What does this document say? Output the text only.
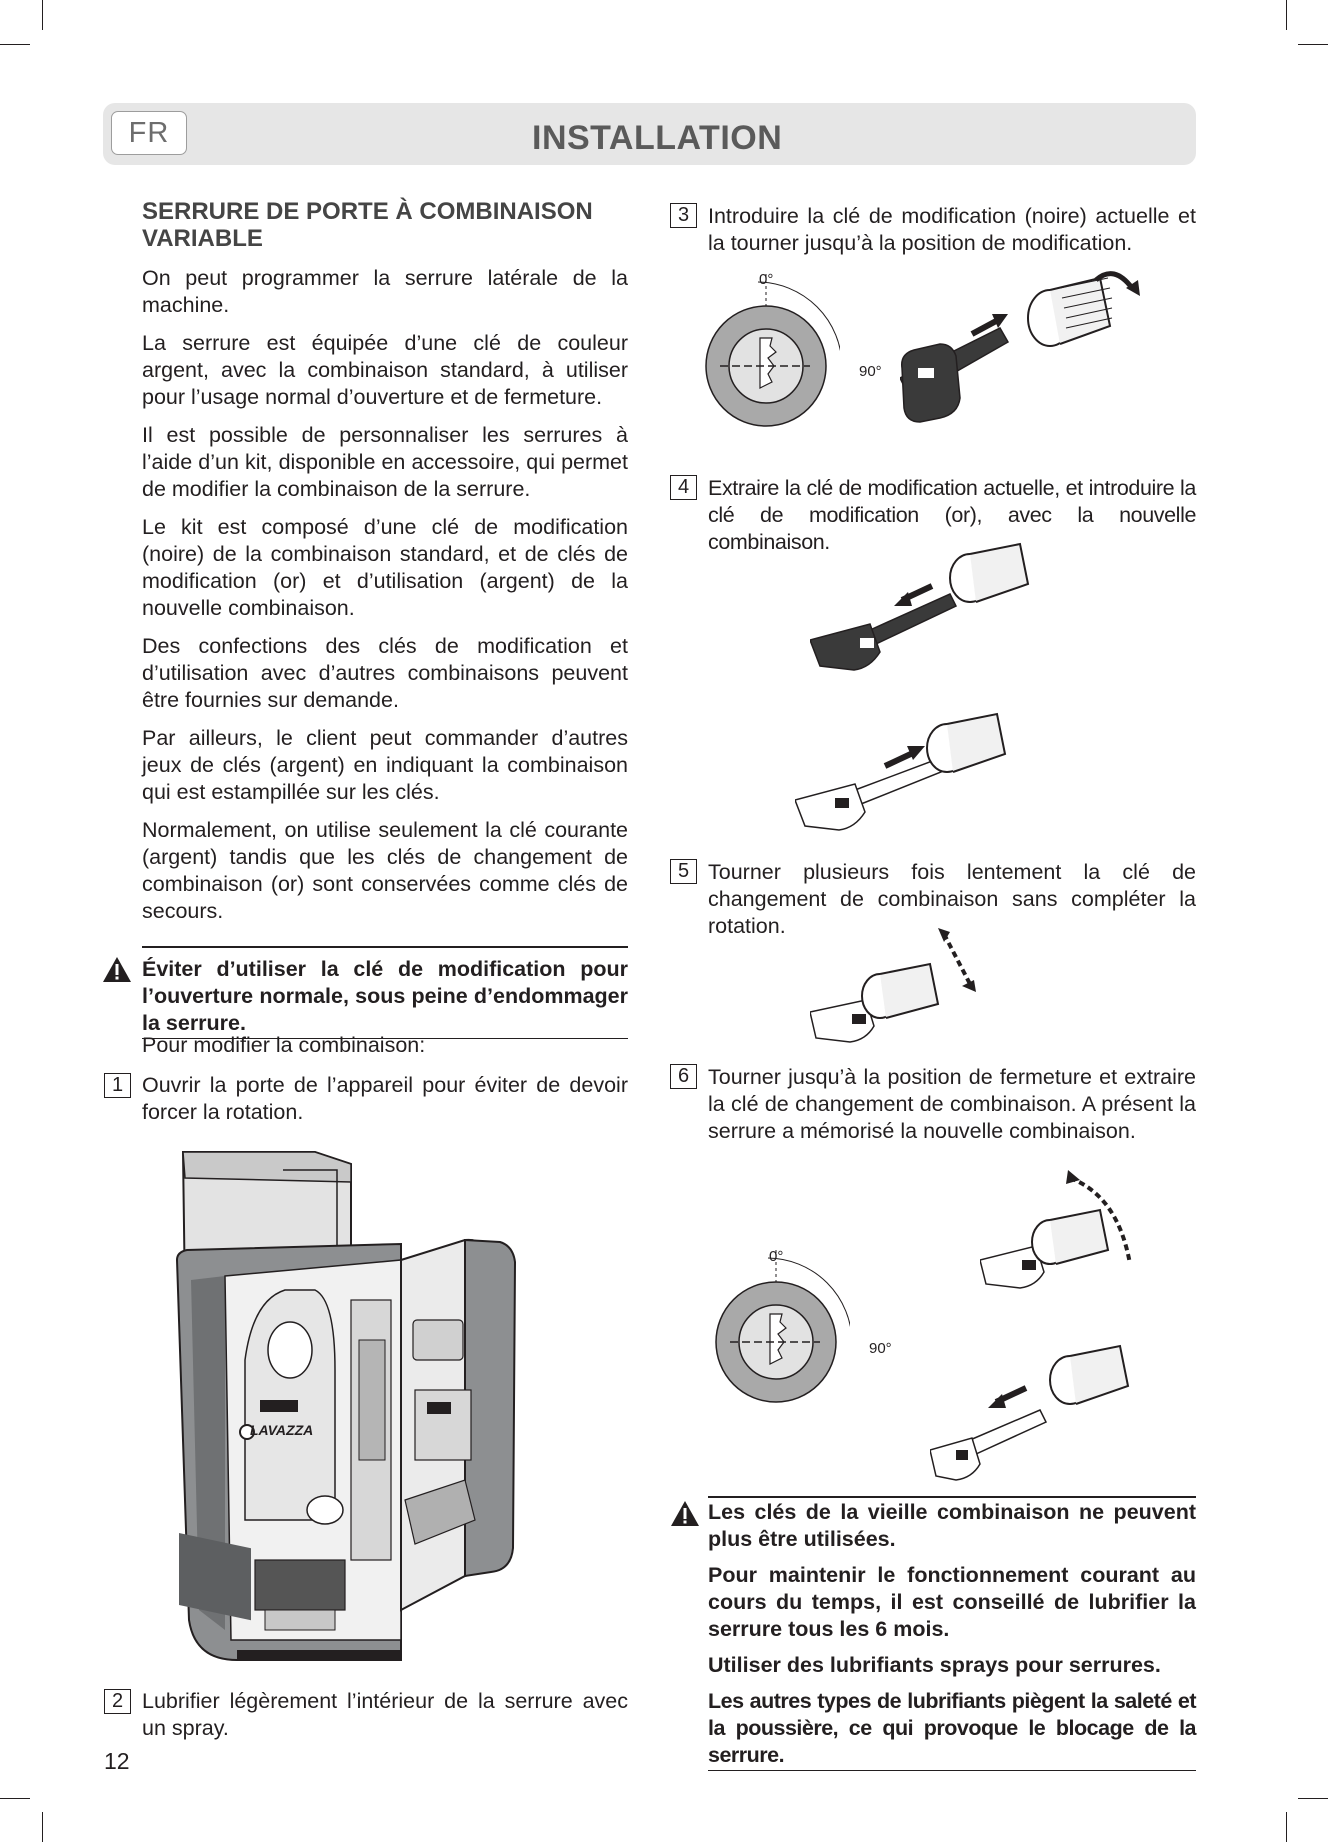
FR	INSTALLATION
SERRURE DE PORTE À COMBINAISON VARIABLE
On peut programmer la serrure latérale de la machine.
La serrure est équipée d’une clé de couleur argent, avec la combinaison standard, à utiliser pour l’usage normal d’ouverture et de fermeture.
Il est possible de personnaliser les serrures à l’aide d’un kit, disponible en accessoire, qui permet de modifier la combinaison de la serrure.
Le kit est composé d’une clé de modification (noire) de la combinaison standard, et de clés de modification (or) et d’utilisation (argent) de la nouvelle combinaison.
Des confections des clés de modification et d’utilisation avec d’autres combinaisons peuvent être fournies sur demande.
Par ailleurs, le client peut commander d’autres jeux de clés (argent) en indiquant la combinaison qui est estampillée sur les clés.
Normalement, on utilise seulement la clé courante (argent) tandis que les clés de changement de combinaison (or) sont conservées comme clés de secours.
Éviter d’utiliser la clé de modification pour l’ouverture normale, sous peine d’endommager la serrure.
Pour modifier la combinaison:
1 Ouvrir la porte de l’appareil pour éviter de devoir forcer la rotation.
LAVAZZA
2 Lubrifier légèrement l’intérieur de la serrure avec un spray.
12
3 Introduire la clé de modification (noire) actuelle et la tourner jusqu’à la position de modification.
0°
90°
4 Extraire la clé de modification actuelle, et introduire la clé de modification (or), avec la nouvelle combinaison.
5 Tourner plusieurs fois lentement la clé de changement de combinaison sans compléter la rotation.
6 Tourner jusqu’à la position de fermeture et extraire la clé de changement de combinaison. A présent la serrure a mémorisé la nouvelle combinaison.
0°
90°
Les clés de la vieille combinaison ne peuvent plus être utilisées.
Pour maintenir le fonctionnement courant au cours du temps, il est conseillé de lubrifier la serrure tous les 6 mois.
Utiliser des lubrifiants sprays pour serrures.
Les autres types de lubrifiants piègent la saleté et la poussière, ce qui provoque le blocage de la serrure.
